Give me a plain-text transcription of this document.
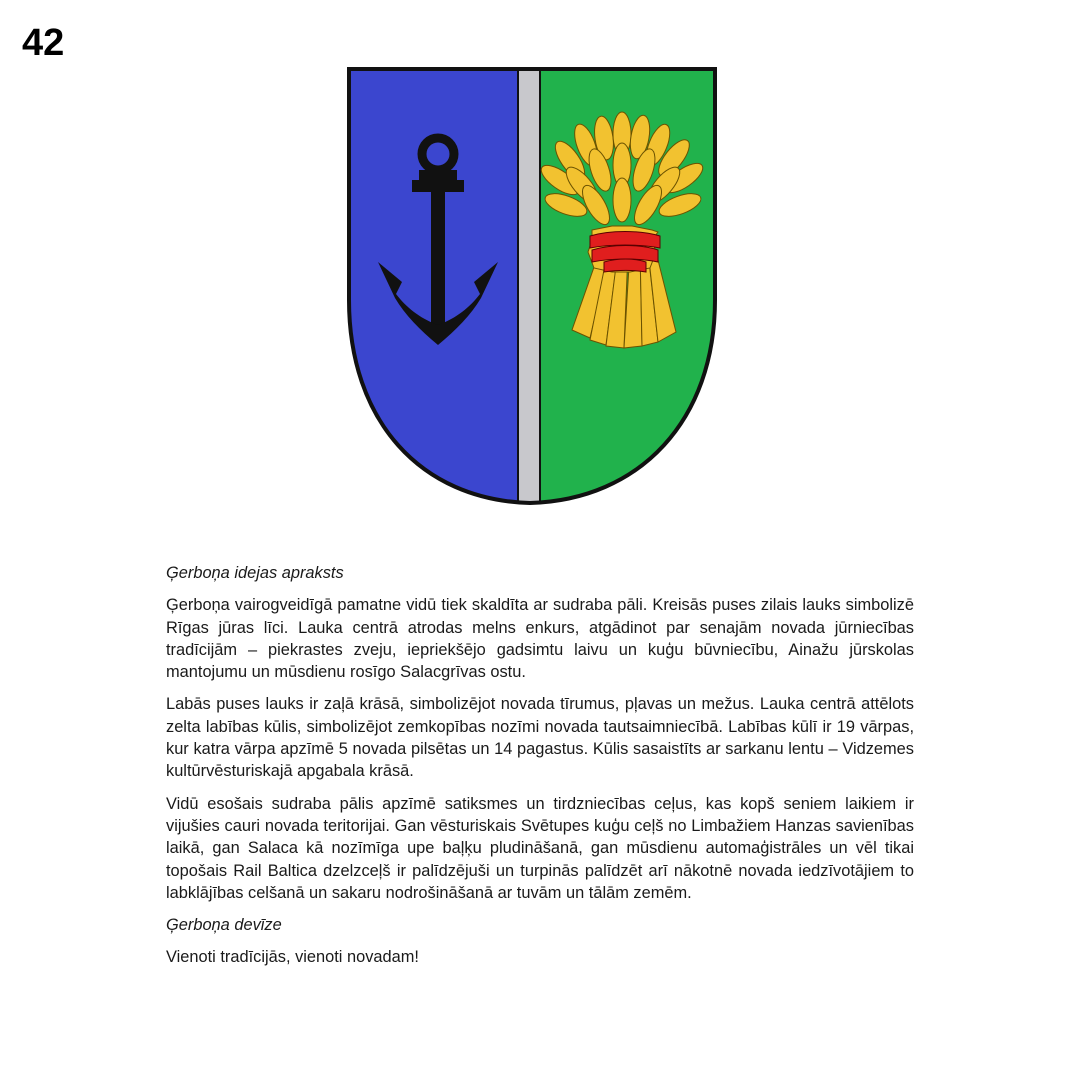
42

Ģerboņa idejas apraksts

Ģerboņa vairogveidīgā pamatne vidū tiek skaldīta ar sudraba pāli. Kreisās puses zilais lauks simbolizē Rīgas jūras līci. Lauka centrā atrodas melns enkurs, atgādinot par senajām novada jūrniecības tradīcijām – piekrastes zveju, iepriekšējo gadsimtu laivu un kuģu būvniecību, Ainažu jūrskolas mantojumu un mūsdienu rosīgo Salacgrīvas ostu.

Labās puses lauks ir zaļā krāsā, simbolizējot novada tīrumus, pļavas un mežus. Lauka centrā attēlots zelta labības kūlis, simbolizējot zemkopības nozīmi novada tautsaimniecībā. Labības kūlī ir 19 vārpas, kur katra vārpa apzīmē 5 novada pilsētas un 14 pagastus. Kūlis sasaistīts ar sarkanu lentu – Vidzemes kultūrvēsturiskajā apgabala krāsā.

Vidū esošais sudraba pālis apzīmē satiksmes un tirdzniecības ceļus, kas kopš seniem laikiem ir vijušies cauri novada teritorijai. Gan vēsturiskais Svētupes kuģu ceļš no Limbažiem Hanzas savienības laikā, gan Salaca kā nozīmīga upe baļķu pludināšanā, gan mūsdienu automaģistrāles un vēl tikai topošais Rail Baltica dzelzceļš ir palīdzējuši un turpinās palīdzēt arī nākotnē novada iedzīvotājiem to labklājības celšanā un sakaru nodrošināšanā ar tuvām un tālām zemēm.

Ģerboņa devīze

Vienoti tradīcijās, vienoti novadam!
